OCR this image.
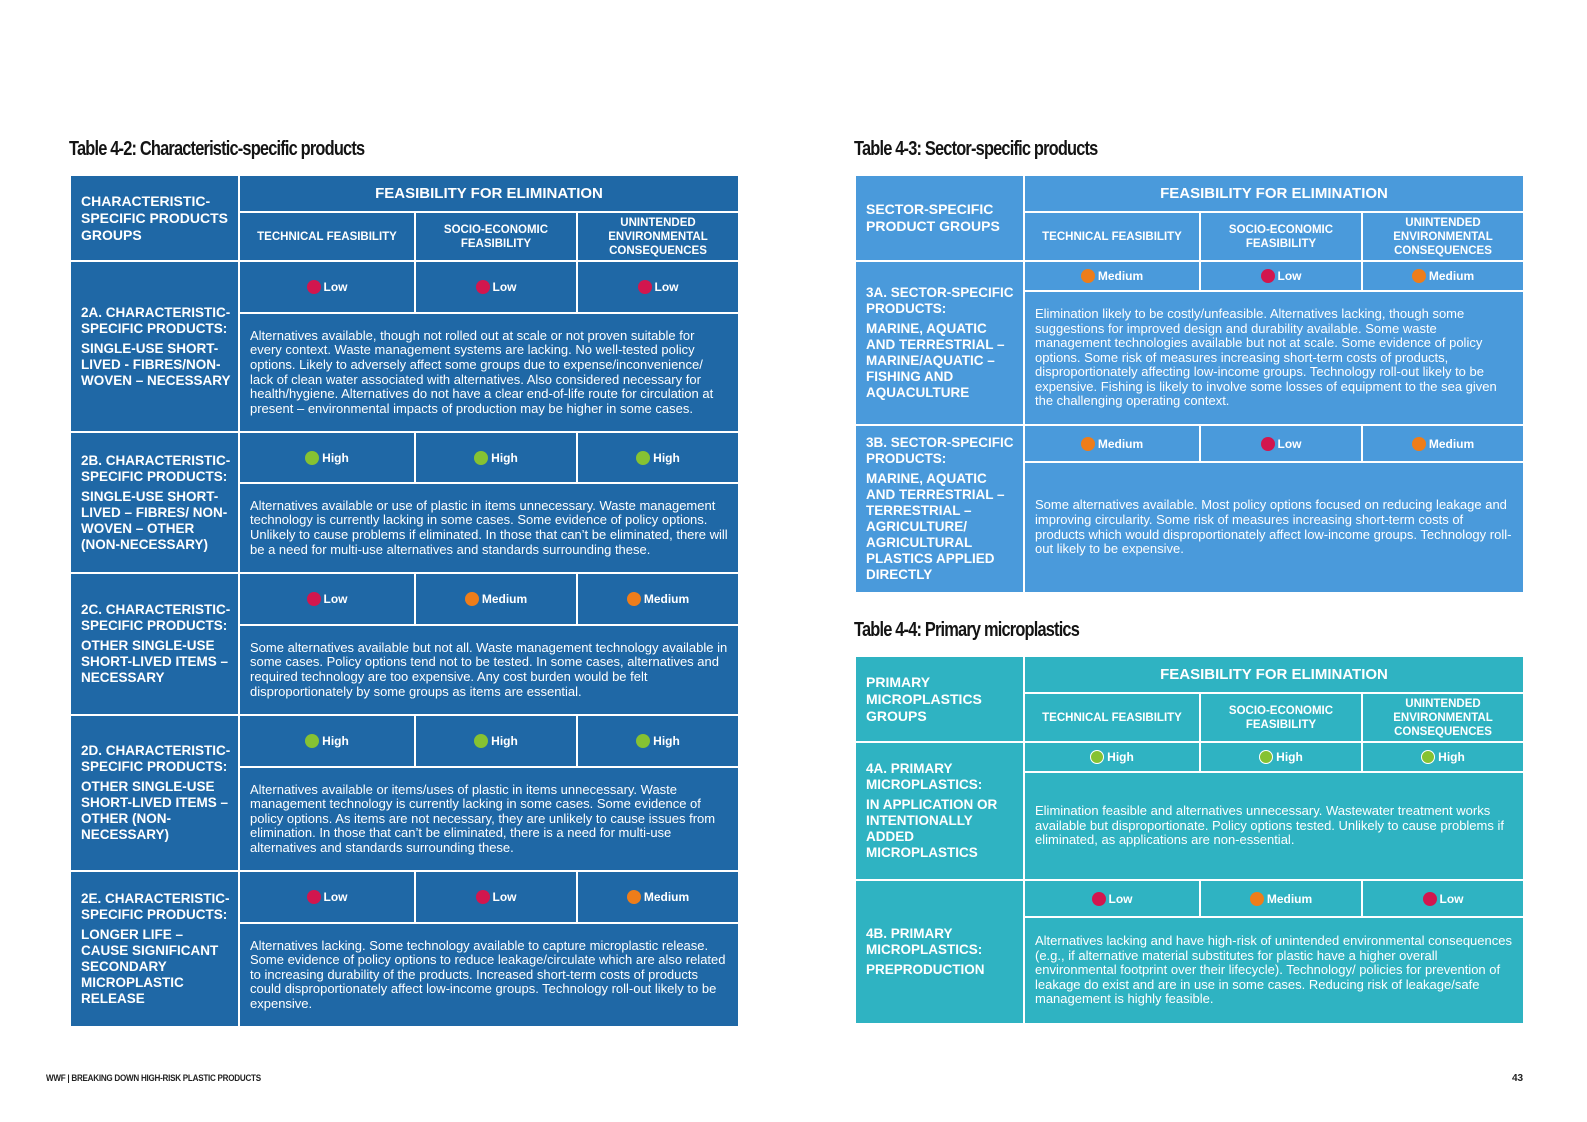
Table 4-2: Characteristic-specific products
CHARACTERISTIC-SPECIFIC PRODUCTS GROUPS	FEASIBILITY FOR ELIMINATION		
	TECHNICAL FEASIBILITY	SOCIO-ECONOMIC FEASIBILITY	UNINTENDED ENVIRONMENTAL CONSEQUENCES
2A. CHARACTERISTIC-SPECIFIC PRODUCTS:
SINGLE-USE SHORT-LIVED - FIBRES/NON-WOVEN – NECESSARY	Low	Low	Low
	Alternatives available, though not rolled out at scale or not proven suitable for every context. Waste management systems are lacking. No well-tested policy options. Likely to adversely affect some groups due to expense/inconvenience/ lack of clean water associated with alternatives. Also considered necessary for health/hygiene. Alternatives do not have a clear end-of-life route for circulation at present – environmental impacts of production may be higher in some cases.		
2B. CHARACTERISTIC-SPECIFIC PRODUCTS:
SINGLE-USE SHORT-LIVED – FIBRES/ NON-WOVEN – OTHER (NON-NECESSARY)	High	High	High
	Alternatives available or use of plastic in items unnecessary. Waste management technology is currently lacking in some cases. Some evidence of policy options. Unlikely to cause problems if eliminated. In those that can’t be eliminated, there will be a need for multi-use alternatives and standards surrounding these.		
2C. CHARACTERISTIC-SPECIFIC PRODUCTS:
OTHER SINGLE-USE SHORT-LIVED ITEMS – NECESSARY	Low	Medium	Medium
	Some alternatives available but not all. Waste management technology available in some cases. Policy options tend not to be tested. In some cases, alternatives and required technology are too expensive. Any cost burden would be felt disproportionately by some groups as items are essential.		
2D. CHARACTERISTIC-SPECIFIC PRODUCTS:
OTHER SINGLE-USE SHORT-LIVED ITEMS – OTHER (NON-NECESSARY)	High	High	High
	Alternatives available or items/uses of plastic in items unnecessary. Waste management technology is currently lacking in some cases. Some evidence of policy options. As items are not necessary, they are unlikely to cause issues from elimination. In those that can’t be eliminated, there is a need for multi-use alternatives and standards surrounding these.		
2E. CHARACTERISTIC-SPECIFIC PRODUCTS:
LONGER LIFE – CAUSE SIGNIFICANT SECONDARY MICROPLASTIC RELEASE	Low	Low	Medium
	Alternatives lacking. Some technology available to capture microplastic release. Some evidence of policy options to reduce leakage/circulate which are also related to increasing durability of the products. Increased short-term costs of products could disproportionately affect low-income groups. Technology roll-out likely to be expensive.		
Table 4-3: Sector-specific products
SECTOR-SPECIFIC PRODUCT GROUPS	FEASIBILITY FOR ELIMINATION		
	TECHNICAL FEASIBILITY	SOCIO-ECONOMIC FEASIBILITY	UNINTENDED ENVIRONMENTAL CONSEQUENCES
3A. SECTOR-SPECIFIC PRODUCTS:
MARINE, AQUATIC AND TERRESTRIAL – MARINE/AQUATIC – FISHING AND AQUACULTURE	Medium	Low	Medium
	Elimination likely to be costly/unfeasible. Alternatives lacking, though some suggestions for improved design and durability available. Some waste management technologies available but not at scale. Some evidence of policy options. Some risk of measures increasing short-term costs of products, disproportionately affecting low-income groups. Technology roll-out likely to be expensive. Fishing is likely to involve some losses of equipment to the sea given the challenging operating context.		
3B. SECTOR-SPECIFIC PRODUCTS:
MARINE, AQUATIC AND TERRESTRIAL – TERRESTRIAL – AGRICULTURE/ AGRICULTURAL PLASTICS APPLIED DIRECTLY	Medium	Low	Medium
	Some alternatives available. Most policy options focused on reducing leakage and improving circularity. Some risk of measures increasing short-term costs of products which would disproportionately affect low-income groups. Technology roll-out likely to be expensive.		
Table 4-4: Primary microplastics
PRIMARY MICROPLASTICS GROUPS	FEASIBILITY FOR ELIMINATION		
	TECHNICAL FEASIBILITY	SOCIO-ECONOMIC FEASIBILITY	UNINTENDED ENVIRONMENTAL CONSEQUENCES
4A. PRIMARY MICROPLASTICS:
IN APPLICATION OR INTENTIONALLY ADDED MICROPLASTICS	High	High	High
	Elimination feasible and alternatives unnecessary. Wastewater treatment works available but disproportionate. Policy options tested. Unlikely to cause problems if eliminated, as applications are non-essential.		
4B. PRIMARY MICROPLASTICS:
PREPRODUCTION	Low	Medium	Low
	Alternatives lacking and have high-risk of unintended environmental consequences (e.g., if alternative material substitutes for plastic have a higher overall environmental footprint over their lifecycle). Technology/ policies for prevention of leakage do exist and are in use in some cases. Reducing risk of leakage/safe management is highly feasible.		
WWF | BREAKING DOWN HIGH-RISK PLASTIC PRODUCTS	43
